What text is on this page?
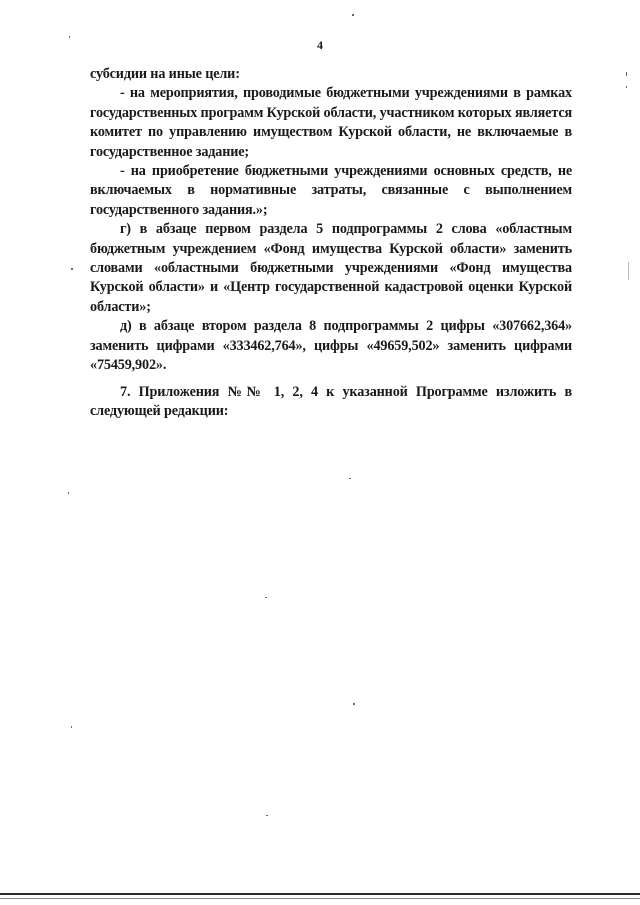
4

субсидии на иные цели:

- на мероприятия, проводимые бюджетными учреждениями в рамках государственных программ Курской области, участником которых является комитет по управлению имуществом Курской области, не включаемые в государственное задание;

- на приобретение бюджетными учреждениями основных средств, не включаемых в нормативные затраты, связанные с выполнением государственного задания.»;

г) в абзаце первом раздела 5 подпрограммы 2 слова «областным бюджетным учреждением «Фонд имущества Курской области» заменить словами «областными бюджетными учреждениями «Фонд имущества Курской области» и «Центр государственной кадастровой оценки Курской области»;

д) в абзаце втором раздела 8 подпрограммы 2 цифры «307662,364» заменить цифрами «333462,764», цифры «49659,502» заменить цифрами «75459,902».

7. Приложения №№ 1, 2, 4 к указанной Программе изложить в следующей редакции:
